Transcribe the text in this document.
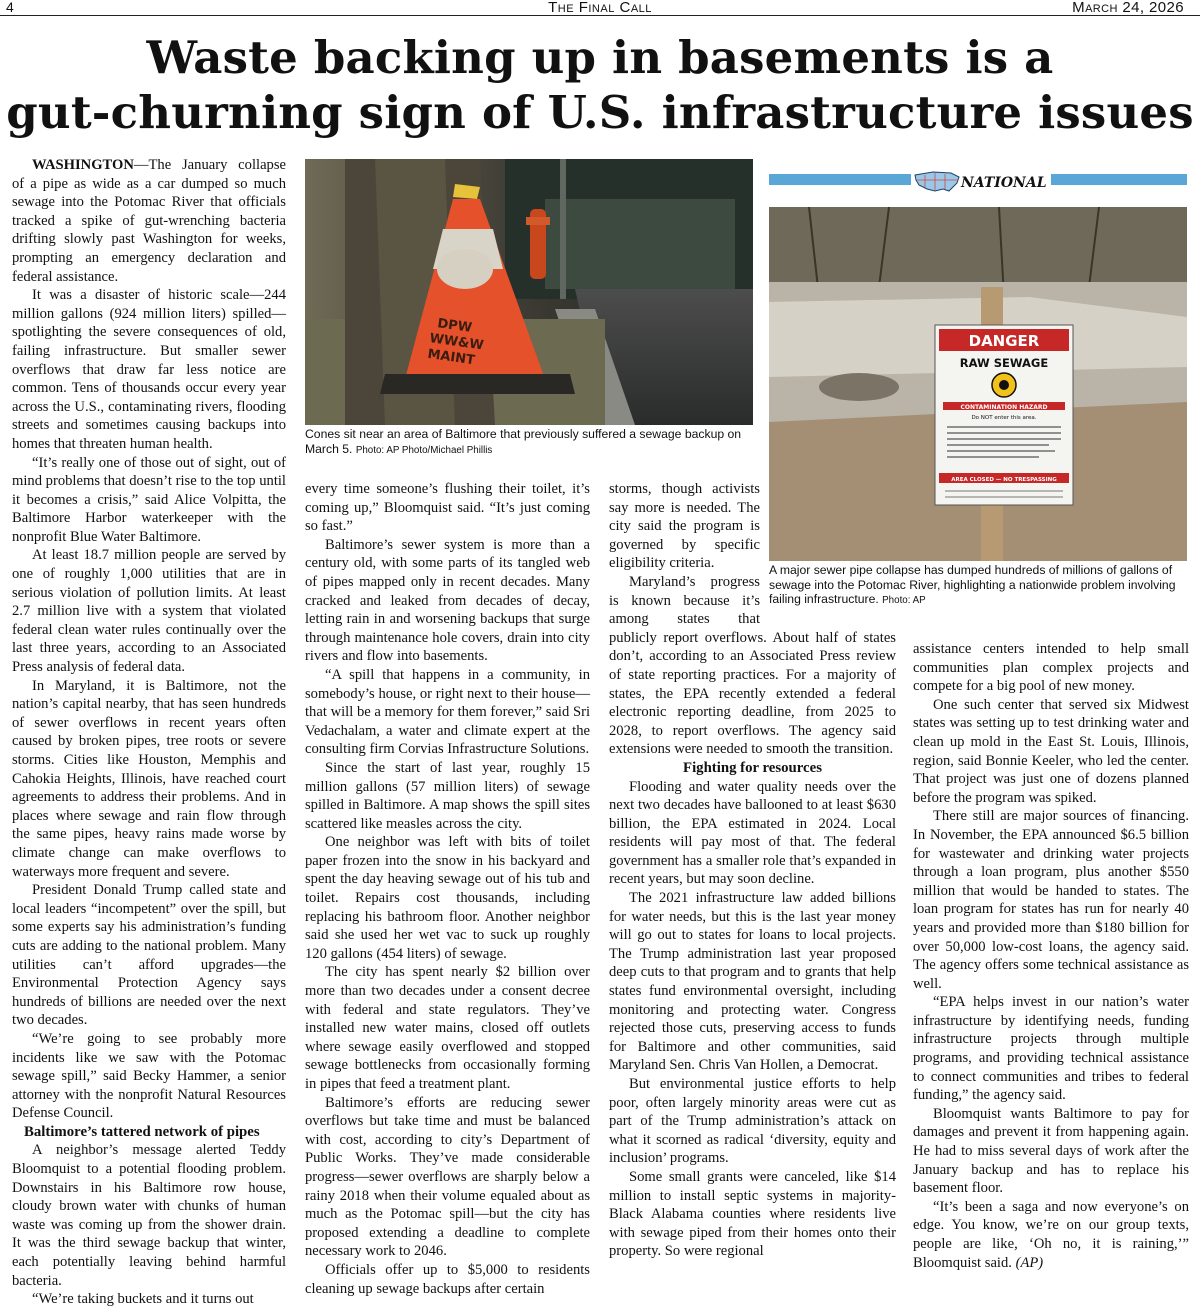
4	The Final Call	March 24, 2026
Waste backing up in basements is a
gut-churning sign of U.S. infrastructure issues
DPW
WW&W
MAINT
Cones sit near an area of Baltimore that previously suffered a sewage backup on March 5. Photo: AP Photo/Michael Phillis
NATIONAL
DANGER
RAW SEWAGE
CONTAMINATION HAZARD
Do NOT enter this area.
AREA CLOSED — NO TRESPASSING
A major sewer pipe collapse has dumped hundreds of millions of gallons of sewage into the Potomac River, highlighting a nationwide problem involving failing infrastructure. Photo: AP

WASHINGTON—The January collapse of a pipe as wide as a car dumped so much sewage into the Potomac River that officials tracked a spike of gut-wrenching bacteria drifting slowly past Washington for weeks, prompting an emergency declaration and federal assistance.

It was a disaster of historic scale—244 million gallons (924 million liters) spilled—spotlighting the severe consequences of old, failing infrastructure. But smaller sewer overflows that draw far less notice are common. Tens of thousands occur every year across the U.S., contaminating rivers, flooding streets and sometimes causing backups into homes that threaten human health.

“It’s really one of those out of sight, out of mind problems that doesn’t rise to the top until it becomes a crisis,” said Alice Volpitta, the Baltimore Harbor waterkeeper with the nonprofit Blue Water Baltimore.

At least 18.7 million people are served by one of roughly 1,000 utilities that are in serious violation of pollution limits. At least 2.7 million live with a system that violated federal clean water rules continually over the last three years, according to an Associated Press analysis of federal data.

In Maryland, it is Baltimore, not the nation’s capital nearby, that has seen hundreds of sewer overflows in recent years often caused by broken pipes, tree roots or severe storms. Cities like Houston, Memphis and Cahokia Heights, Illinois, have reached court agreements to address their problems. And in places where sewage and rain flow through the same pipes, heavy rains made worse by climate change can make overflows to waterways more frequent and severe.

President Donald Trump called state and local leaders “incompetent” over the spill, but some experts say his administration’s funding cuts are adding to the national problem. Many utilities can’t afford upgrades—the Environmental Protection Agency says hundreds of billions are needed over the next two decades.

“We’re going to see probably more incidents like we saw with the Potomac sewage spill,” said Becky Hammer, a senior attorney with the nonprofit Natural Resources Defense Council.

Baltimore’s tattered network of pipes

A neighbor’s message alerted Teddy Bloomquist to a potential flooding problem. Downstairs in his Baltimore row house, cloudy brown water with chunks of human waste was coming up from the shower drain. It was the third sewage backup that winter, each potentially leaving behind harmful bacteria.

“We’re taking buckets and it turns out

every time someone’s flushing their toilet, it’s coming up,” Bloomquist said. “It’s just coming so fast.”

Baltimore’s sewer system is more than a century old, with some parts of its tangled web of pipes mapped only in recent decades. Many cracked and leaked from decades of decay, letting rain in and worsening backups that surge through maintenance hole covers, drain into city rivers and flow into basements.

“A spill that happens in a community, in somebody’s house, or right next to their house—that will be a memory for them forever,” said Sri Vedachalam, a water and climate expert at the consulting firm Corvias Infrastructure Solutions.

Since the start of last year, roughly 15 million gallons (57 million liters) of sewage spilled in Baltimore. A map shows the spill sites scattered like measles across the city.

One neighbor was left with bits of toilet paper frozen into the snow in his backyard and spent the day heaving sewage out of his tub and toilet. Repairs cost thousands, including replacing his bathroom floor. Another neighbor said she used her wet vac to suck up roughly 120 gallons (454 liters) of sewage.

The city has spent nearly $2 billion over more than two decades under a consent decree with federal and state regulators. They’ve installed new water mains, closed off outlets where sewage easily overflowed and stopped sewage bottlenecks from occasionally forming in pipes that feed a treatment plant.

Baltimore’s efforts are reducing sewer overflows but take time and must be balanced with cost, according to city’s Department of Public Works. They’ve made considerable progress—sewer overflows are sharply below a rainy 2018 when their volume equaled about as much as the Potomac spill—but the city has proposed extending a deadline to complete necessary work to 2046.

Officials offer up to $5,000 to residents cleaning up sewage backups after certain

storms, though activists say more is needed. The city said the program is governed by specific eligibility criteria.

Maryland’s progress is known because it’s among states that publicly report overflows. About half of states don’t, according to an Associated Press review of state reporting practices. For a majority of states, the EPA recently extended a federal electronic reporting deadline, from 2025 to 2028, to report overflows. The agency said extensions were needed to smooth the transition.

Fighting for resources

Flooding and water quality needs over the next two decades have ballooned to at least $630 billion, the EPA estimated in 2024. Local residents will pay most of that. The federal government has a smaller role that’s expanded in recent years, but may soon decline.

The 2021 infrastructure law added billions for water needs, but this is the last year money will go out to states for loans to local projects. The Trump administration last year proposed deep cuts to that program and to grants that help states fund environmental oversight, including monitoring and protecting water. Congress rejected those cuts, preserving access to funds for Baltimore and other communities, said Maryland Sen. Chris Van Hollen, a Democrat.

But environmental justice efforts to help poor, often largely minority areas were cut as part of the Trump administration’s attack on what it scorned as radical ‘diversity, equity and inclusion’ programs.

Some small grants were canceled, like $14 million to install septic systems in majority-Black Alabama counties where residents live with sewage piped from their homes onto their property. So were regional

assistance centers intended to help small communities plan complex projects and compete for a big pool of new money.

One such center that served six Midwest states was setting up to test drinking water and clean up mold in the East St. Louis, Illinois, region, said Bonnie Keeler, who led the center. That project was just one of dozens planned before the program was spiked.

There still are major sources of financing. In November, the EPA announced $6.5 billion for wastewater and drinking water projects through a loan program, plus another $550 million that would be handed to states. The loan program for states has run for nearly 40 years and provided more than $180 billion for over 50,000 low-cost loans, the agency said. The agency offers some technical assistance as well.

“EPA helps invest in our nation’s water infrastructure by identifying needs, funding infrastructure projects through multiple programs, and providing technical assistance to connect communities and tribes to federal funding,” the agency said.

Bloomquist wants Baltimore to pay for damages and prevent it from happening again. He had to miss several days of work after the January backup and has to replace his basement floor.

“It’s been a saga and now everyone’s on edge. You know, we’re on our group texts, people are like, ‘Oh no, it is raining,’” Bloomquist said. (AP)
